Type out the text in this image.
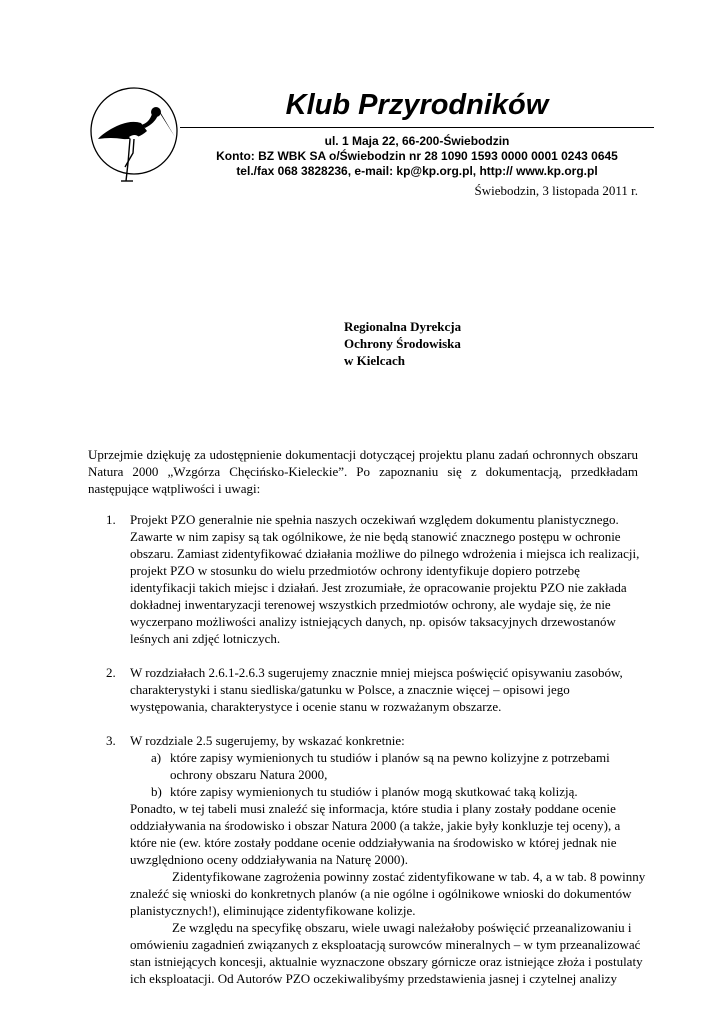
Klub Przyrodników
ul. 1 Maja 22, 66-200-Świebodzin
Konto: BZ WBK SA o/Świebodzin nr 28 1090 1593 0000 0001 0243 0645
tel./fax 068 3828236, e-mail: kp@kp.org.pl, http:// www.kp.org.pl
Świebodzin, 3 listopada 2011 r.
Regionalna Dyrekcja
Ochrony Środowiska
w Kielcach
Uprzejmie dziękuję za udostępnienie dokumentacji dotyczącej projektu planu zadań ochronnych obszaru Natura 2000 „Wzgórza Chęcińsko-Kieleckie”. Po zapoznaniu się z dokumentacją, przedkładam następujące wątpliwości i uwagi:
1. Projekt PZO generalnie nie spełnia naszych oczekiwań względem dokumentu planistycznego. Zawarte w nim zapisy są tak ogólnikowe, że nie będą stanowić znacznego postępu w ochronie obszaru. Zamiast zidentyfikować działania możliwe do pilnego wdrożenia i miejsca ich realizacji, projekt PZO w stosunku do wielu przedmiotów ochrony identyfikuje dopiero potrzebę identyfikacji takich miejsc i działań. Jest zrozumiałe, że opracowanie projektu PZO nie zakłada dokładnej inwentaryzacji terenowej wszystkich przedmiotów ochrony, ale wydaje się, że nie wyczerpano możliwości analizy istniejących danych, np. opisów taksacyjnych drzewostanów leśnych ani zdjęć lotniczych.
2. W rozdziałach 2.6.1-2.6.3 sugerujemy znacznie mniej miejsca poświęcić opisywaniu zasobów, charakterystyki i stanu siedliska/gatunku w Polsce, a znacznie więcej – opisowi jego występowania, charakterystyce i ocenie stanu w rozważanym obszarze.
3. W rozdziale 2.5 sugerujemy, by wskazać konkretnie:
a) które zapisy wymienionych tu studiów i planów są na pewno kolizyjne z potrzebami ochrony obszaru Natura 2000,
b) które zapisy wymienionych tu studiów i planów mogą skutkować taką kolizją.
Ponadto, w tej tabeli musi znaleźć się informacja, które studia i plany zostały poddane ocenie oddziaływania na środowisko i obszar Natura 2000 (a także, jakie były konkluzje tej oceny), a które nie (ew. które zostały poddane ocenie oddziaływania na środowisko w której jednak nie uwzględniono oceny oddziaływania na Naturę 2000).
Zidentyfikowane zagrożenia powinny zostać zidentyfikowane w tab. 4, a w tab. 8 powinny znaleźć się wnioski do konkretnych planów (a nie ogólne i ogólnikowe wnioski do dokumentów planistycznych!), eliminujące zidentyfikowane kolizje.
Ze względu na specyfikę obszaru, wiele uwagi należałoby poświęcić przeanalizowaniu i omówieniu zagadnień związanych z eksploatacją surowców mineralnych – w tym przeanalizować stan istniejących koncesji, aktualnie wyznaczone obszary górnicze oraz istniejące złoża i postulaty ich eksploatacji. Od Autorów PZO oczekiwalibyśmy przedstawienia jasnej i czytelnej analizy
